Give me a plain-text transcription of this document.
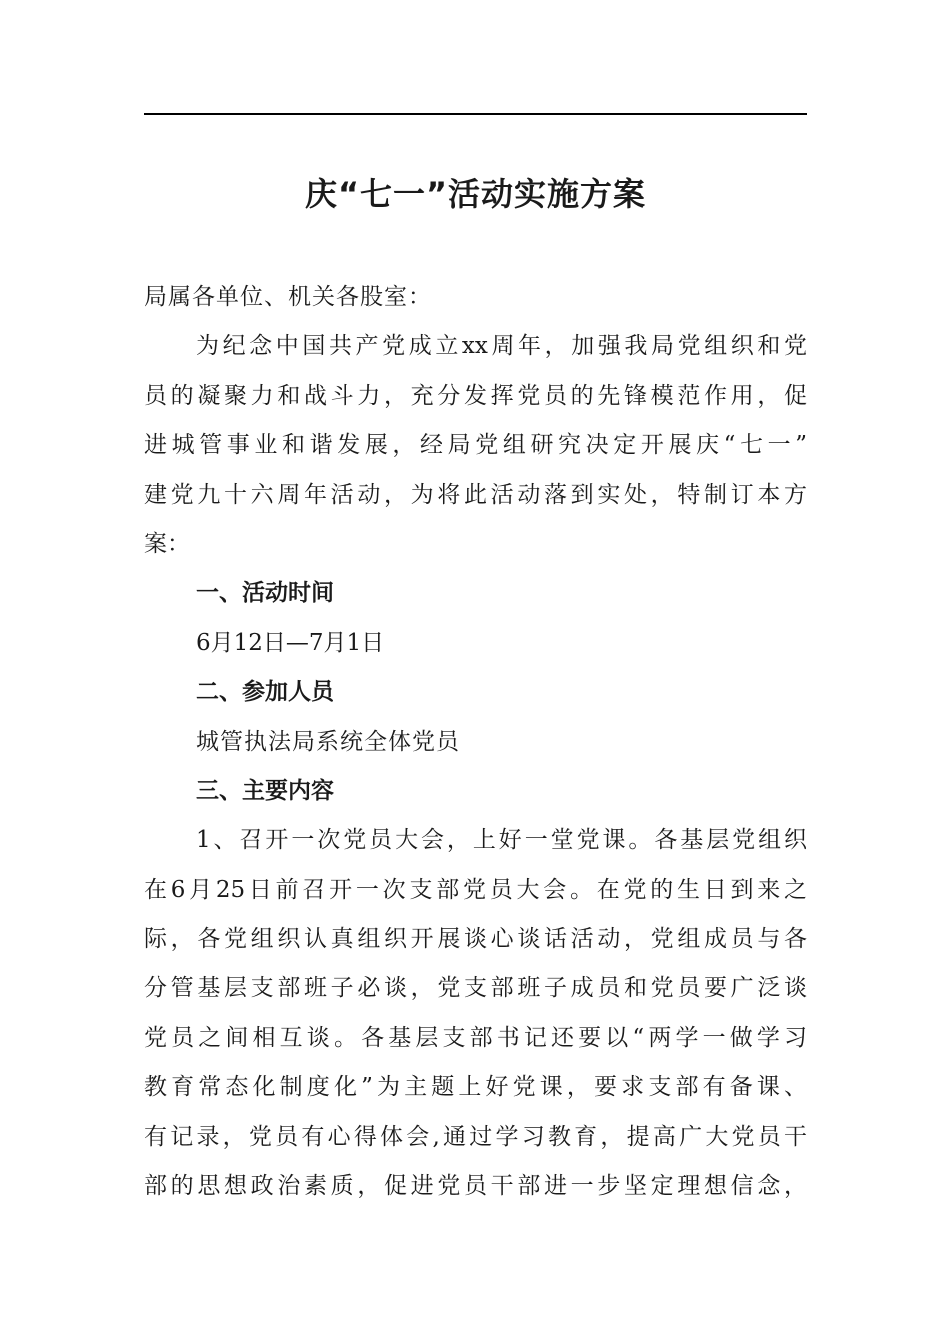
庆“七一”活动实施方案
局属各单位、机关各股室：
为纪念中国共产党成立xx周年，加强我局党组织和党
员的凝聚力和战斗力，充分发挥党员的先锋模范作用，促
进城管事业和谐发展，经局党组研究决定开展庆“七一”
建党九十六周年活动，为将此活动落到实处，特制订本方
案：
一、活动时间
6月12日—7月1日
二、参加人员
城管执法局系统全体党员
三、主要内容
1、召开一次党员大会，上好一堂党课。各基层党组织
在6月25日前召开一次支部党员大会。在党的生日到来之
际，各党组织认真组织开展谈心谈话活动，党组成员与各
分管基层支部班子必谈，党支部班子成员和党员要广泛谈
党员之间相互谈。各基层支部书记还要以“两学一做学习
教育常态化制度化”为主题上好党课，要求支部有备课、
有记录，党员有心得体会,通过学习教育，提高广大党员干
部的思想政治素质，促进党员干部进一步坚定理想信念，
